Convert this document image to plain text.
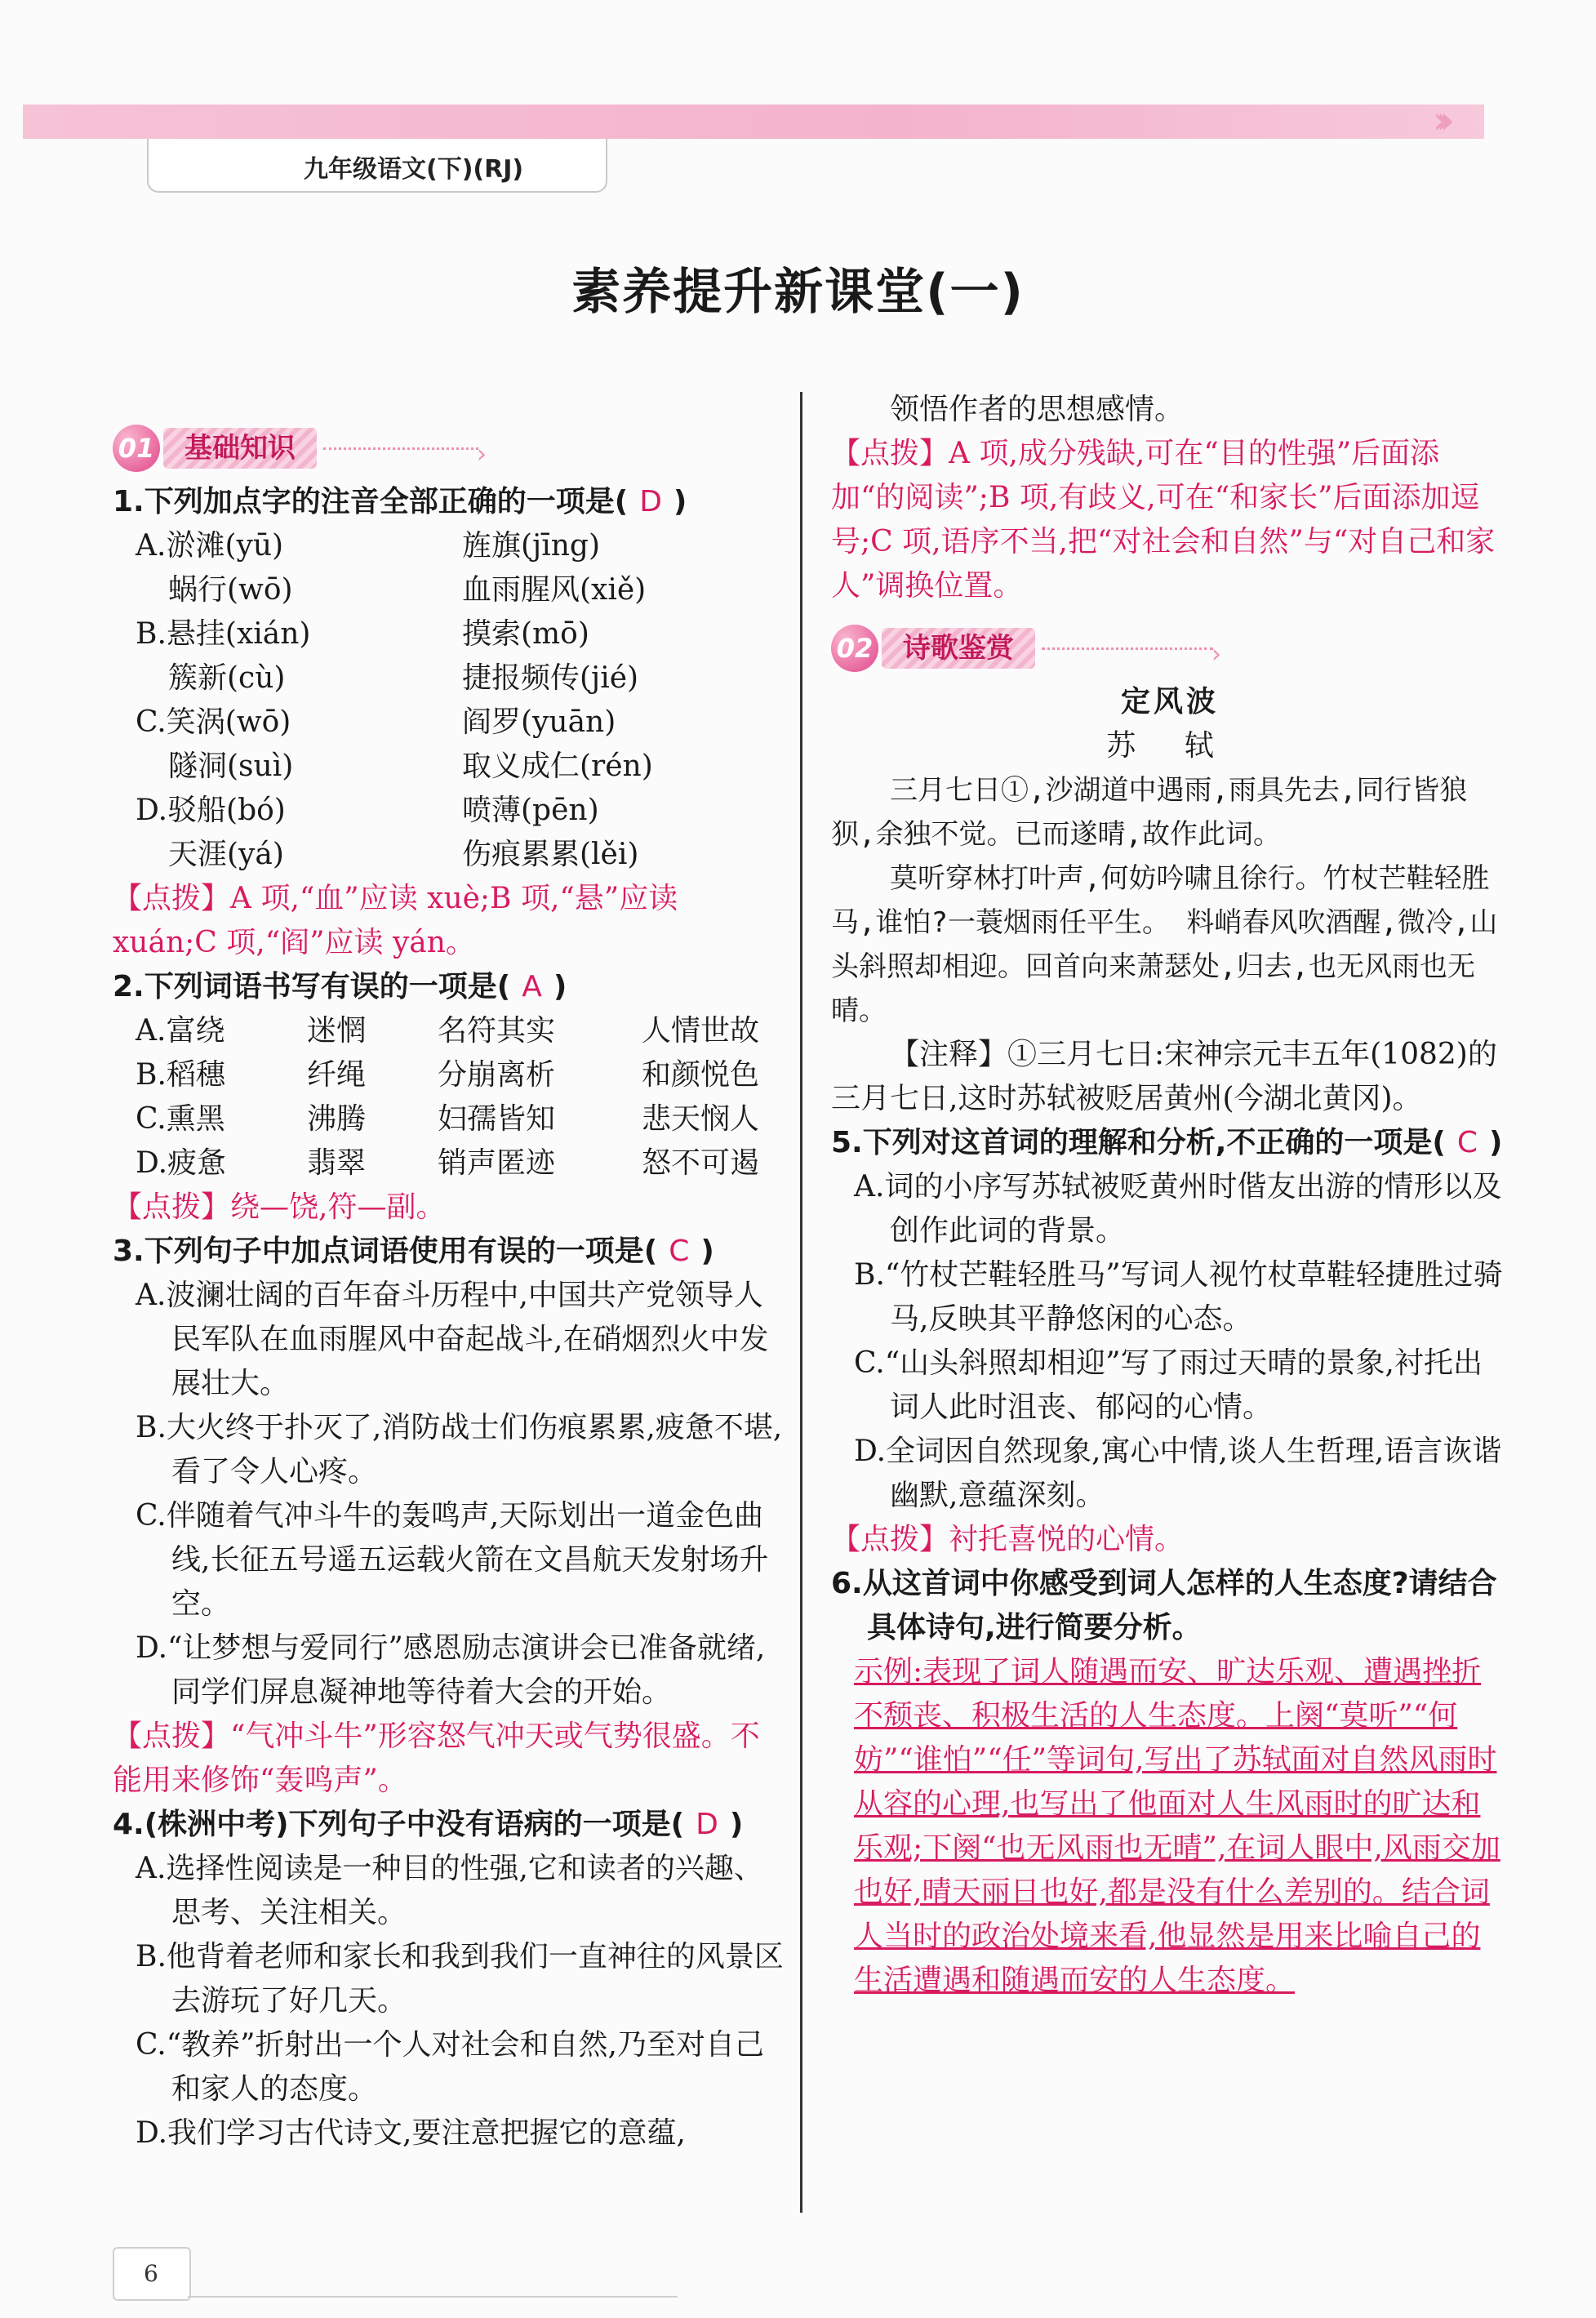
›››
九年级语文(下)(RJ)
素养提升新课堂(一)
01	基础知识	›

1.下列加点字的注音全部正确的一项是( D )

A.淤滩(yū)	旌旗(jīng)
蜗行(wō)	血雨腥风(xiě)
B.悬挂(xián)	摸索(mō)
簇新(cù)	捷报频传(jié)
C.笑涡(wō)	阎罗(yuān)
隧洞(suì)	取义成仁(rén)
D.驳船(bó)	喷薄(pēn)
天涯(yá)	伤痕累累(lěi)

【点拨】A 项,“血”应读 xuè;B 项,“悬”应读 xuán;C 项,“阎”应读 yán。

2.下列词语书写有误的一项是( A )

A.富绕	迷惘	名符其实	人情世故
B.稻穗	纤绳	分崩离析	和颜悦色
C.熏黑	沸腾	妇孺皆知	悲天悯人
D.疲惫	翡翠	销声匿迹	怒不可遏

【点拨】绕—饶,符—副。

3.下列句子中加点词语使用有误的一项是( C )

A.波澜壮阔的百年奋斗历程中,中国共产党领导人民军队在血雨腥风中奋起战斗,在硝烟烈火中发展壮大。

B.大火终于扑灭了,消防战士们伤痕累累,疲惫不堪,看了令人心疼。

C.伴随着气冲斗牛的轰鸣声,天际划出一道金色曲线,长征五号遥五运载火箭在文昌航天发射场升空。

D.“让梦想与爱同行”感恩励志演讲会已准备就绪,同学们屏息凝神地等待着大会的开始。

【点拨】“气冲斗牛”形容怒气冲天或气势很盛。不能用来修饰“轰鸣声”。

4.(株洲中考)下列句子中没有语病的一项是( D )

A.选择性阅读是一种目的性强,它和读者的兴趣、思考、关注相关。

B.他背着老师和家长和我到我们一直神往的风景区去游玩了好几天。

C.“教养”折射出一个人对社会和自然,乃至对自己和家人的态度。

D.我们学习古代诗文,要注意把握它的意蕴,

领悟作者的思想感情。

【点拨】A 项,成分残缺,可在“目的性强”后面添加“的阅读”;B 项,有歧义,可在“和家长”后面添加逗号;C 项,语序不当,把“对社会和自然”与“对自己和家人”调换位置。

02	诗歌鉴赏	›

定风波

苏 轼

三月七日①,沙湖道中遇雨,雨具先去,同行皆狼狈,余独不觉。已而遂晴,故作此词。

莫听穿林打叶声,何妨吟啸且徐行。竹杖芒鞋轻胜马,谁怕?一蓑烟雨任平生。 料峭春风吹酒醒,微冷,山头斜照却相迎。回首向来萧瑟处,归去,也无风雨也无晴。

【注释】①三月七日:宋神宗元丰五年(1082)的三月七日,这时苏轼被贬居黄州(今湖北黄冈)。

5.下列对这首词的理解和分析,不正确的一项是( C )

A.词的小序写苏轼被贬黄州时偕友出游的情形以及创作此词的背景。

B.“竹杖芒鞋轻胜马”写词人视竹杖草鞋轻捷胜过骑马,反映其平静悠闲的心态。

C.“山头斜照却相迎”写了雨过天晴的景象,衬托出词人此时沮丧、郁闷的心情。

D.全词因自然现象,寓心中情,谈人生哲理,语言诙谐幽默,意蕴深刻。

【点拨】衬托喜悦的心情。

6.从这首词中你感受到词人怎样的人生态度?请结合具体诗句,进行简要分析。

示例:表现了词人随遇而安、旷达乐观、遭遇挫折不颓丧、积极生活的人生态度。上阕“莫听”“何妨”“谁怕”“任”等词句,写出了苏轼面对自然风雨时从容的心理,也写出了他面对人生风雨时的旷达和乐观;下阕“也无风雨也无晴”,在词人眼中,风雨交加也好,晴天丽日也好,都是没有什么差别的。结合词人当时的政治处境来看,他显然是用来比喻自己的生活遭遇和随遇而安的人生态度。

6
